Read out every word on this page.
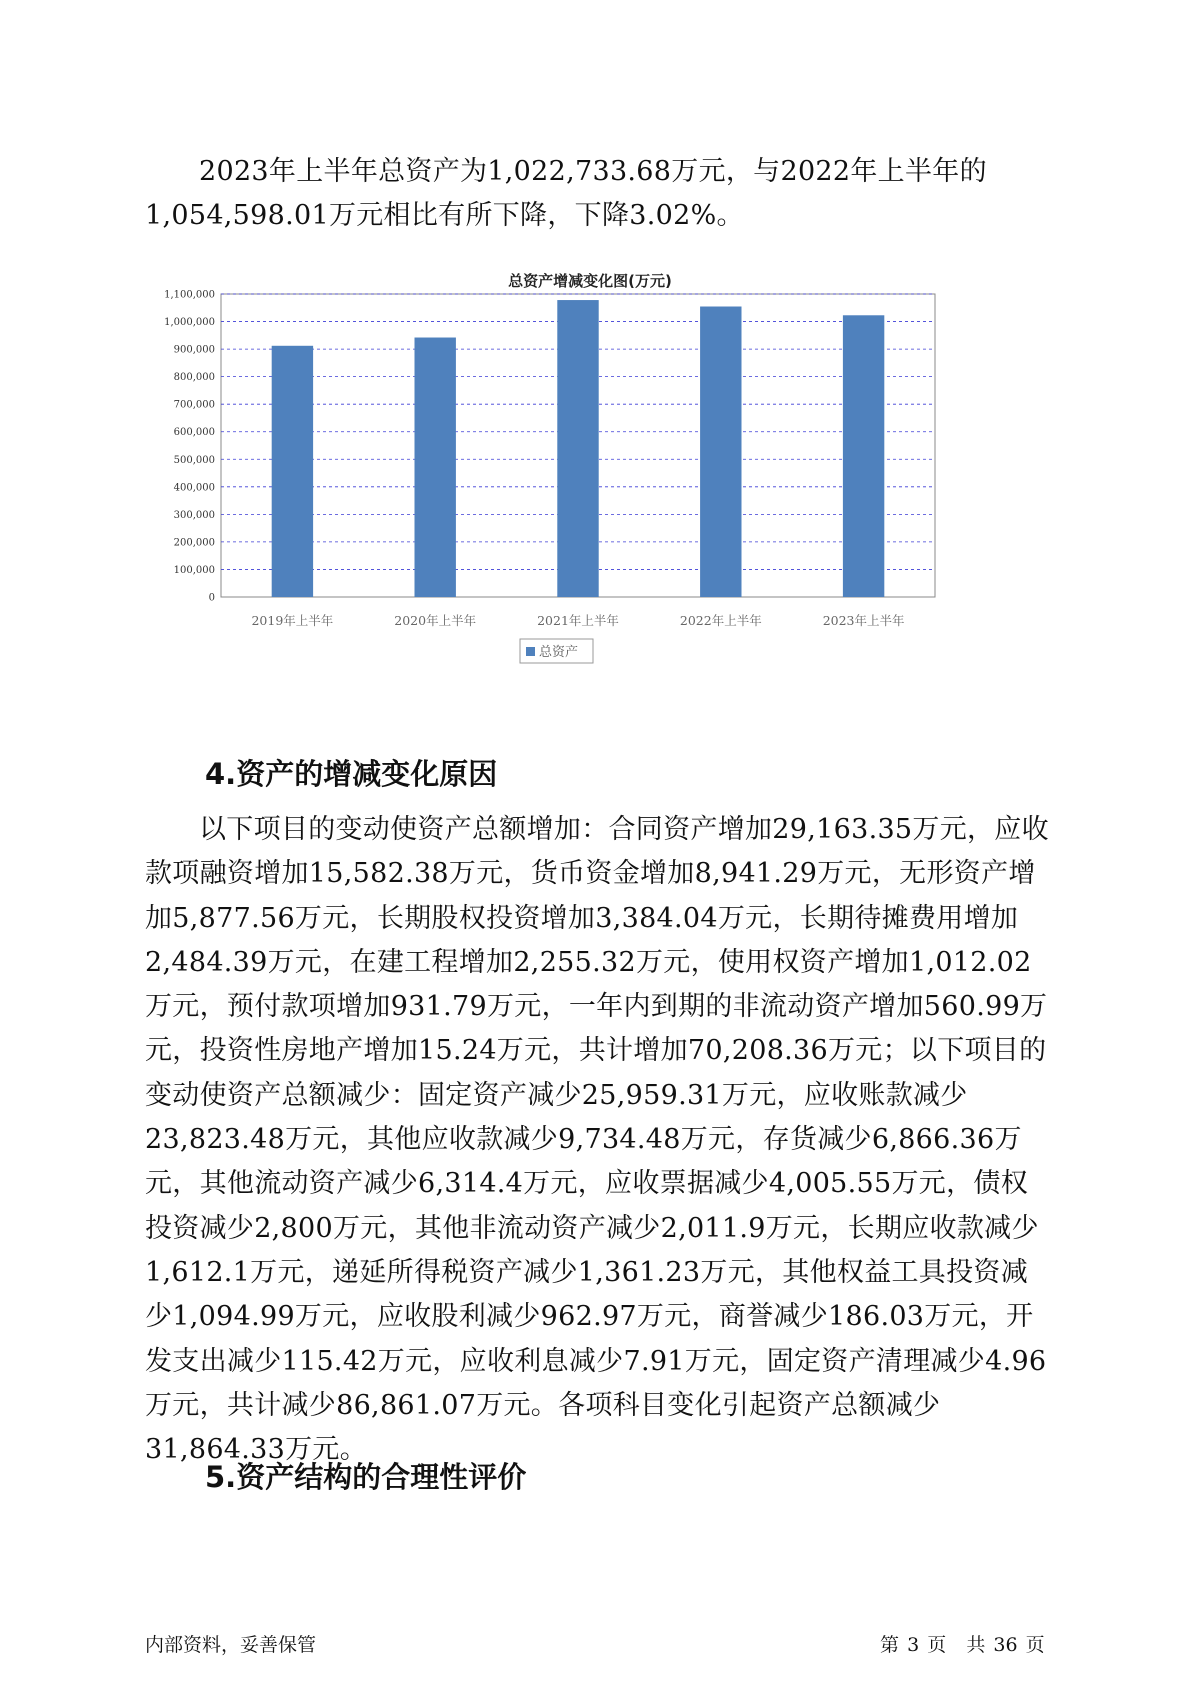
2023年上半年总资产为1,022,733.68万元，与2022年上半年的1,054,598.01万元相比有所下降，下降3.02%。

总资产增减变化图(万元)
0
100,000
200,000
300,000
400,000
500,000
600,000
700,000
800,000
900,000
1,000,000
1,100,000
2019年上半年	2020年上半年	2021年上半年	2022年上半年	2023年上半年
总资产
4.资产的增减变化原因

以下项目的变动使资产总额增加：合同资产增加29,163.35万元，应收款项融资增加15,582.38万元，货币资金增加8,941.29万元，无形资产增加5,877.56万元，长期股权投资增加3,384.04万元，长期待摊费用增加2,484.39万元，在建工程增加2,255.32万元，使用权资产增加1,012.02万元，预付款项增加931.79万元，一年内到期的非流动资产增加560.99万元，投资性房地产增加15.24万元，共计增加70,208.36万元；以下项目的变动使资产总额减少：固定资产减少25,959.31万元，应收账款减少23,823.48万元，其他应收款减少9,734.48万元，存货减少6,866.36万元，其他流动资产减少6,314.4万元，应收票据减少4,005.55万元，债权投资减少2,800万元，其他非流动资产减少2,011.9万元，长期应收款减少1,612.1万元，递延所得税资产减少1,361.23万元，其他权益工具投资减少1,094.99万元，应收股利减少962.97万元，商誉减少186.03万元，开发支出减少115.42万元，应收利息减少7.91万元，固定资产清理减少4.96万元，共计减少86,861.07万元。各项科目变化引起资产总额减少31,864.33万元。

5.资产结构的合理性评价
内部资料，妥善保管	第 3 页 共 36 页
